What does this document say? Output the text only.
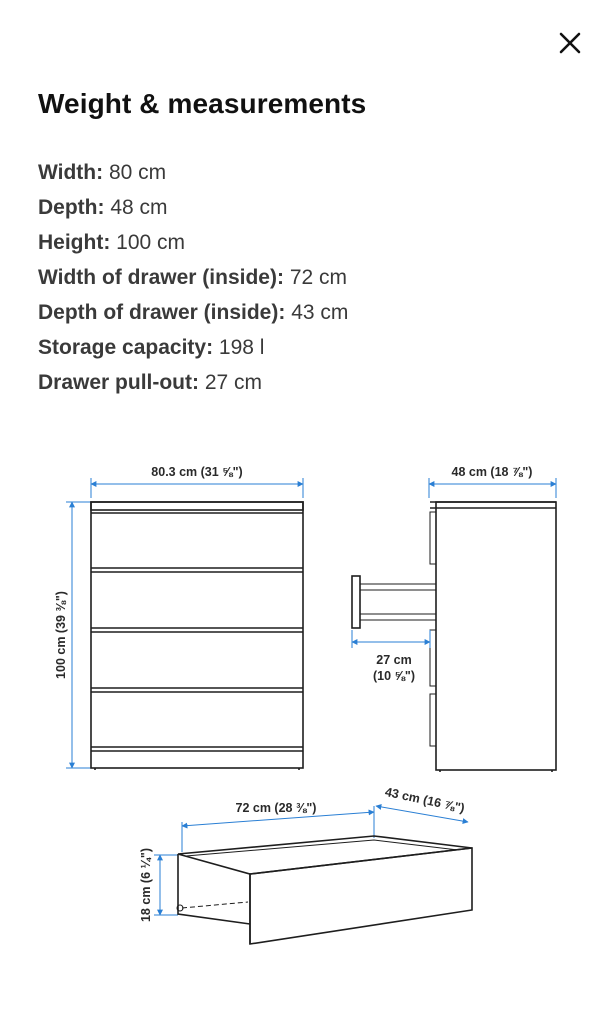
Weight & measurements
Width: 80 cm
Depth: 48 cm
Height: 100 cm
Width of drawer (inside): 72 cm
Depth of drawer (inside): 43 cm
Storage capacity: 198 l
Drawer pull-out: 27 cm
80.3 cm (31 ⅝")
100 cm (39 ⅜")
48 cm (18 ⅞")
27 cm
(10 ⅝")
72 cm (28 ⅜")	43 cm (16 ⅞")
18 cm (6 ¼")
